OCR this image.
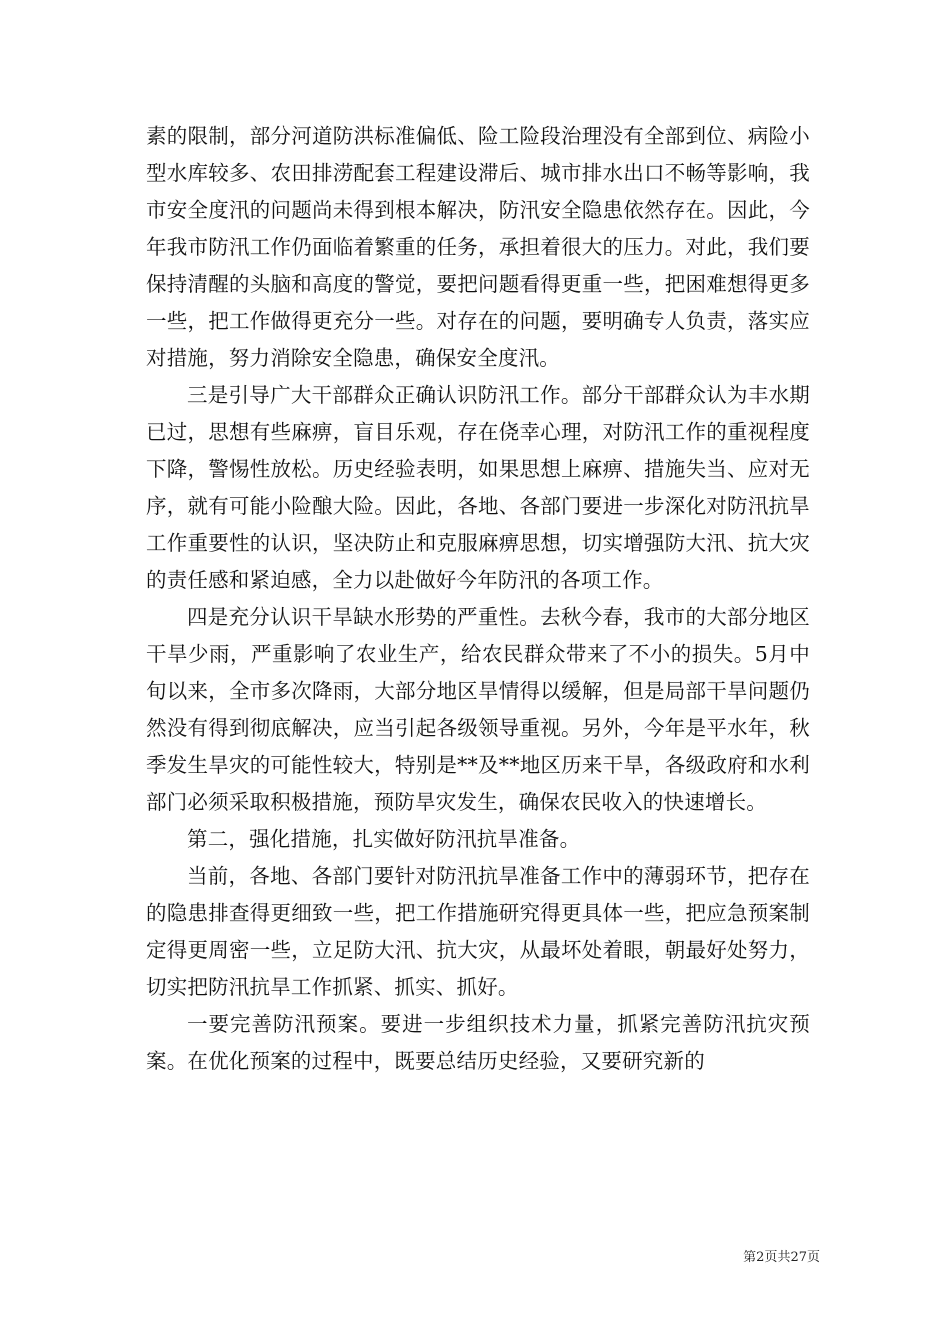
素的限制，部分河道防洪标准偏低、险工险段治理没有全部到位、病险小型水库较多、农田排涝配套工程建设滞后、城市排水出口不畅等影响，我市安全度汛的问题尚未得到根本解决，防汛安全隐患依然存在。因此，今年我市防汛工作仍面临着繁重的任务，承担着很大的压力。对此，我们要保持清醒的头脑和高度的警觉，要把问题看得更重一些，把困难想得更多一些，把工作做得更充分一些。对存在的问题，要明确专人负责，落实应对措施，努力消除安全隐患，确保安全度汛。

三是引导广大干部群众正确认识防汛工作。部分干部群众认为丰水期已过，思想有些麻痹，盲目乐观，存在侥幸心理，对防汛工作的重视程度下降，警惕性放松。历史经验表明，如果思想上麻痹、措施失当、应对无序，就有可能小险酿大险。因此，各地、各部门要进一步深化对防汛抗旱工作重要性的认识，坚决防止和克服麻痹思想，切实增强防大汛、抗大灾的责任感和紧迫感，全力以赴做好今年防汛的各项工作。

四是充分认识干旱缺水形势的严重性。去秋今春，我市的大部分地区干旱少雨，严重影响了农业生产，给农民群众带来了不小的损失。5月中旬以来，全市多次降雨，大部分地区旱情得以缓解，但是局部干旱问题仍然没有得到彻底解决，应当引起各级领导重视。另外，今年是平水年，秋季发生旱灾的可能性较大，特别是**及**地区历来干旱，各级政府和水利部门必须采取积极措施，预防旱灾发生，确保农民收入的快速增长。

第二，强化措施，扎实做好防汛抗旱准备。

当前，各地、各部门要针对防汛抗旱准备工作中的薄弱环节，把存在的隐患排查得更细致一些，把工作措施研究得更具体一些，把应急预案制定得更周密一些，立足防大汛、抗大灾，从最坏处着眼，朝最好处努力，切实把防汛抗旱工作抓紧、抓实、抓好。

一要完善防汛预案。要进一步组织技术力量，抓紧完善防汛抗灾预案。在优化预案的过程中，既要总结历史经验，又要研究新的

第2页共27页
